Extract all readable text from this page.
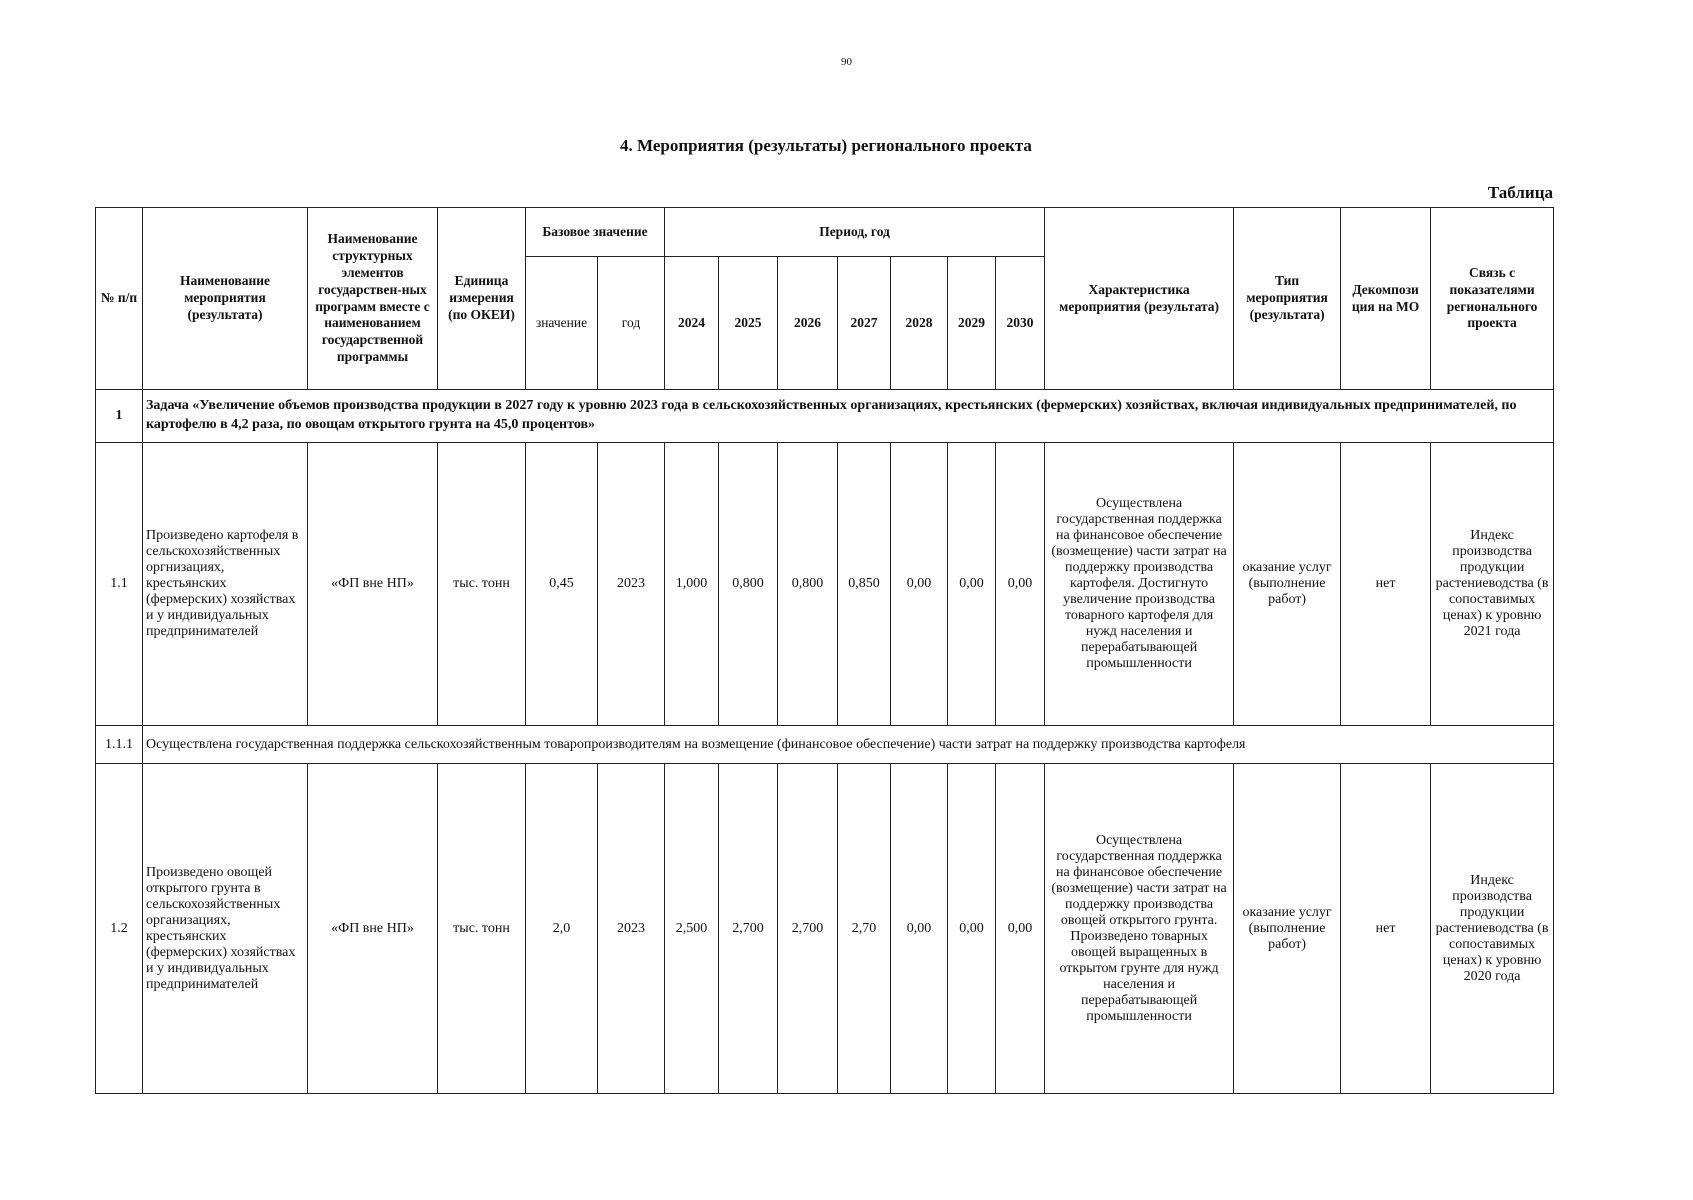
90
4. Мероприятия (результаты) регионального проекта
Таблица
№ п/п	Наименование мероприятия (результата)	Наименование структурных элементов государствен-ных программ вместе с наименованием государственной программы	Единица измерения (по ОКЕИ)	Базовое значение		Период, год							Характеристика мероприятия (результата)	Тип мероприятия (результата)	Декомпози ция на МО	Связь с показателями регионального проекта
				значение	год	2024	2025	2026	2027	2028	2029	2030				
1	Задача «Увеличение объемов производства продукции в 2027 году к уровню 2023 года в сельскохозяйственных организациях, крестьянских (фермерских) хозяйствах, включая индивидуальных предпринимателей, по картофелю в 4,2 раза, по овощам открытого грунта на 45,0 процентов»															
1.1	Произведено картофеля в сельскохозяйственных оргнизациях, крестьянских (фермерских) хозяйствах и у индивидуальных предпринимателей	«ФП вне НП»	тыс. тонн	0,45	2023	1,000	0,800	0,800	0,850	0,00	0,00	0,00	Осуществлена государственная поддержка на финансовое обеспечение (возмещение) части затрат на поддержку производства картофеля. Достигнуто увеличение производства товарного картофеля для нужд населения и перерабатывающей промышленности	оказание услуг (выполнение работ)	нет	Индекс производства продукции растениеводства (в сопоставимых ценах) к уровню 2021 года
1.1.1	Осуществлена государственная поддержка сельскохозяйственным товаропроизводителям на возмещение (финансовое обеспечение) части затрат на поддержку производства картофеля															
1.2	Произведено овощей открытого грунта в сельскохозяйственных организациях, крестьянских (фермерских) хозяйствах и у индивидуальных предпринимателей	«ФП вне НП»	тыс. тонн	2,0	2023	2,500	2,700	2,700	2,70	0,00	0,00	0,00	Осуществлена государственная поддержка на финансовое обеспечение (возмещение) части затрат на поддержку производства овощей открытого грунта. Произведено товарных овощей выращенных в открытом грунте для нужд населения и перерабатывающей промышленности	оказание услуг (выполнение работ)	нет	Индекс производства продукции растениеводства (в сопоставимых ценах) к уровню 2020 года
